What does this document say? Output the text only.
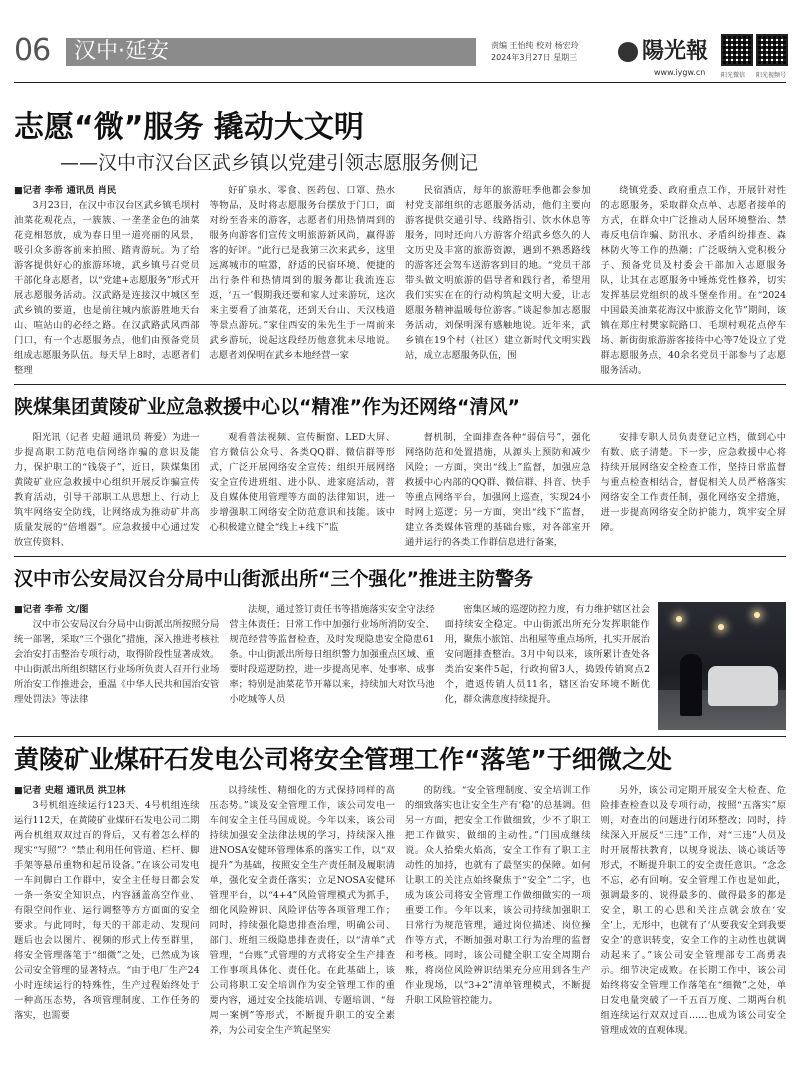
06 汉中·延安	责编 王怡纯 校对 杨宏玲
2024年3月27日 星期三	陽光報
www.iygw.cn	阳光微信 阳光视频号
志愿“微”服务 撬动大文明
——汉中市汉台区武乡镇以党建引领志愿服务侧记
■记者 李希 通讯员 肖民

3月23日，在汉中市汉台区武乡镇毛坝村油菜花观花点，一簇簇、一垄垄金色的油菜花竞相怒放，成为春日里一道亮丽的风景，吸引众多游客前来拍照、踏青游玩。为了给游客提供好心的旅游环境，武乡镇号召党员干部化身志愿者，以“党建+志愿服务”形式开展志愿服务活动。汉武路是连接汉中城区至武乡镇的要道，也是前往城内旅游胜地天台山、喧站山的必经之路。在汉武路武风西部门口，有一个志愿服务点，他们由预备党员组成志愿服务队伍。每天早上8时，志愿者们整理

好矿泉水、零食、医药包、口罩、热水等物品，及时将志愿服务台摆放于门口，面对纷至沓来的游客，志愿者们用热情周到的服务向游客们宣传文明旅游新风尚，赢得游客的好评。“此行已是我第三次来武乡，这里远离城市的喧嚣，舒适的民宿环境、便捷的出行条件和热情周到的服务都让我流连忘返，‘五一’假期我还要和家人过来游玩，这次来主要看了油菜花，还到天台山、天汉栈道等景点游玩。”家住西安的朱先生于一周前来武乡游玩，说起这段经历他意犹未尽地说。志愿者刘保明在武乡本地经营一家

民宿酒店，每年的旅游旺季他都会参加村党支部组织的志愿服务活动，他们主要向游客提供交通引导、线路指引、饮水休息等服务，同时还向八方游客介绍武乡悠久的人文历史及丰富的旅游资源，遇到不熟悉路线的游客还会驾车送游客到目的地。“党员干部带头做文明旅游的倡导者和践行者，希望用我们实实在在的行动构筑起文明大爱，让志愿服务精神温暖每位游客。”谈起参加志愿服务活动，刘保明深有感触地说。近年来，武乡镇在19个村（社区）建立新时代文明实践站，成立志愿服务队伍，围

绕镇党委、政府重点工作，开展针对性的志愿服务，采取群众点单、志愿者接单的方式，在群众中广泛推动人居环境整治、禁毒反电信诈骗、防汛水、矛盾纠纷排查、森林防火等工作的热潮；广泛吸纳入党积极分子、预备党员及村委会干部加入志愿服务队，让其在志愿服务中锤炼党性修养，切实发挥基层党组织的战斗堡垒作用。在“2024中国最美油菜花海汉中旅游文化节”期间，该镇在郑庄村樊家院路口、毛坝村观花点停车场、新街街旅游游客接待中心等7处设立了党群志愿服务点，40余名党员干部参与了志愿服务活动。

陕煤集团黄陵矿业应急救援中心以“精准”作为还网络“清风”

阳光讯（记者 史超 通讯员 蒋爱）为进一步提高职工防范电信网络诈骗的意识及能力，保护职工的“钱袋子”，近日，陕煤集团黄陵矿业应急救援中心组织开展反诈骗宣传教育活动，引导干部职工从思想上、行动上筑牢网络安全防线，让网络成为推动矿井高质量发展的“倍增器”。应急救援中心通过发放宣传资料、

观看普法视频、宣传橱窗、LED大屏、官方微信公众号、各类QQ群、微信群等形式，广泛开展网络安全宣传；组织开展网络安全宣传进班组、进小队、进家庭活动，普及自媒体使用管理等方面的法律知识，进一步增强职工网络安全防范意识和技能。该中心积极建立健全“线上+线下”监

督机制，全面排查各种“弱信号”，强化网络防范和处置措施，从源头上预防和减少风险；一方面，突出“线上”监督，加强应急救援中心内部的QQ群、微信群、抖音、快手等重点网络平台，加强网上巡查，实现24小时网上巡逻；另一方面，突出“线下”监督，建立各类媒体管理的基础台账，对各部室开通并运行的各类工作群信息进行备案，

安排专职人员负责登记立档，做到心中有数、底子清楚。下一步，应急救援中心将持续开展网络安全检查工作，坚持日常监督与重点检查相结合，督促相关人员严格落实网络安全工作责任制，强化网络安全措施，进一步提高网络安全防护能力，筑牢安全屏障。

汉中市公安局汉台分局中山街派出所“三个强化”推进主防警务
■记者 李希 文/图

汉中市公安局汉台分局中山街派出所按照分局统一部署，采取“三个强化”措施，深入推进考核社会治安打击整治专项行动，取得阶段性显著成效。中山街派出所组织辖区行业场所负责人召开行业场所治安工作推进会，重温《中华人民共和国治安管理处罚法》等法律

法规，通过签订责任书等措施落实安全守法经营主体责任；日常工作中加强行业场所消防安全、规范经营等监督检查，及时发现隐患安全隐患61条。中山街派出所每日组织警力加强重点区域、重要时段巡逻防控，进一步提高见率、处事率、成事率；特别是油菜花节开幕以来，持续加大对饮马池小吃城等人员

密集区域的巡逻防控力度，有力维护辖区社会面持续安全稳定。中山街派出所充分发挥职能作用，聚焦小旅馆、出租屋等重点场所，扎实开展治安问题排查整治。3月中旬以来，该所累计查处各类治安案件5起，行政拘留3人，捣毁传销窝点2个，遣返传销人员11名，辖区治安环境不断优化，群众满意度持续提升。

黄陵矿业煤矸石发电公司将安全管理工作“落笔”于细微之处
■记者 史超 通讯员 洪卫林

3号机组连续运行123天、4号机组连续运行112天，在黄陵矿业煤矸石发电公司二期两台机组双双过百的背后，又有着怎么样的现实“写照”？“禁止利用任何管道、栏杆、脚手架等悬吊重物和起吊设备。”在该公司发电一车间脚白工作群中，安全主任每日都会发一条一条安全知识点，内容涵盖高空作业、有限空间作业、运行调整等方方面面的安全要求。与此同时，每天的干部走动、发现问题后也会以图片、视频的形式上传至群里，将安全管理落笔于“细微”之处，已然成为该公司安全管理的显著特点。“由于电厂生产24小时连续运行的特殊性，生产过程始终处于一种高压态势，各项管理制度、工作任务的落实，也需要

以持续性、精细化的方式保持同样的高压态势。”谈及安全管理工作，该公司发电一车间安全主任马国成说。今年以来，该公司持续加强安全法律法规的学习，持续深入推进NOSA安健环管理体系的落实工作，以“双提升”为基础，按照安全生产责任制及履职清单，强化安全责任落实；立足NOSA安健环管理平台，以“4+4”风险管理模式为抓手，细化风险辨识、风险评估等各项管理工作；同时，持续强化隐患排查治理，明确公司、部门、班组三级隐患排查责任，以“清单”式管理，“台账”式管理的方式将安全生产排查工作事项具体化、责任化。在此基础上，该公司将职工安全培训作为安全管理工作的重要内容，通过安全技能培训、专题培训、“每周一案例”等形式，不断提升职工的安全素养，为公司安全生产筑起坚实

的防线。“安全管理制度、安全培训工作的细致落实也让安全生产有‘稳’的总基调。但另一方面，把安全工作做细致，少不了职工把工作做实、做细的主动性。”门国成继续说。众人拾柴火焰高，安全工作有了职工主动性的加持，也就有了最坚实的保障。如何让职工的关注点始终聚焦于“安全”二字，也成为该公司将安全管理工作做细做实的一项重要工作。今年以来，该公司持续加强职工日常行为规范管理，通过岗位描述、岗位操作等方式，不断加强对职工行为治理的监督和考核。同时，该公司健全职工安全周期台账，将岗位风险辨识结果充分应用到各生产作业现场，以“3+2”清单管理模式，不断提升职工风险管控能力。

另外，该公司定期开展安全大检查、危险排查检查以及专项行动，按照“五落实”原则，对查出的问题进行闭环整改；同时，持续深入开展反“三违”工作，对“三违”人员及时开展帮扶教育，以规身说法、谈心谈话等形式，不断提升职工的安全责任意识。“念念不忘，必有回响。安全管理工作也是如此，强调最多的、说得最多的、做得最多的都是安全，职工的心思和关注点就会放在‘安全’上，无形中，也就有了‘从要我安全到我要安全’的意识转变，安全工作的主动性也就调动起来了。”该公司安全管理部专工高勇表示。细节决定成败。在长期工作中，该公司始终将安全管理工作落笔在“细微”之处，单日发电量突破了一千五百万度、二期两台机组连续运行双双过百……也成为该公司安全管理成效的直观体现。
